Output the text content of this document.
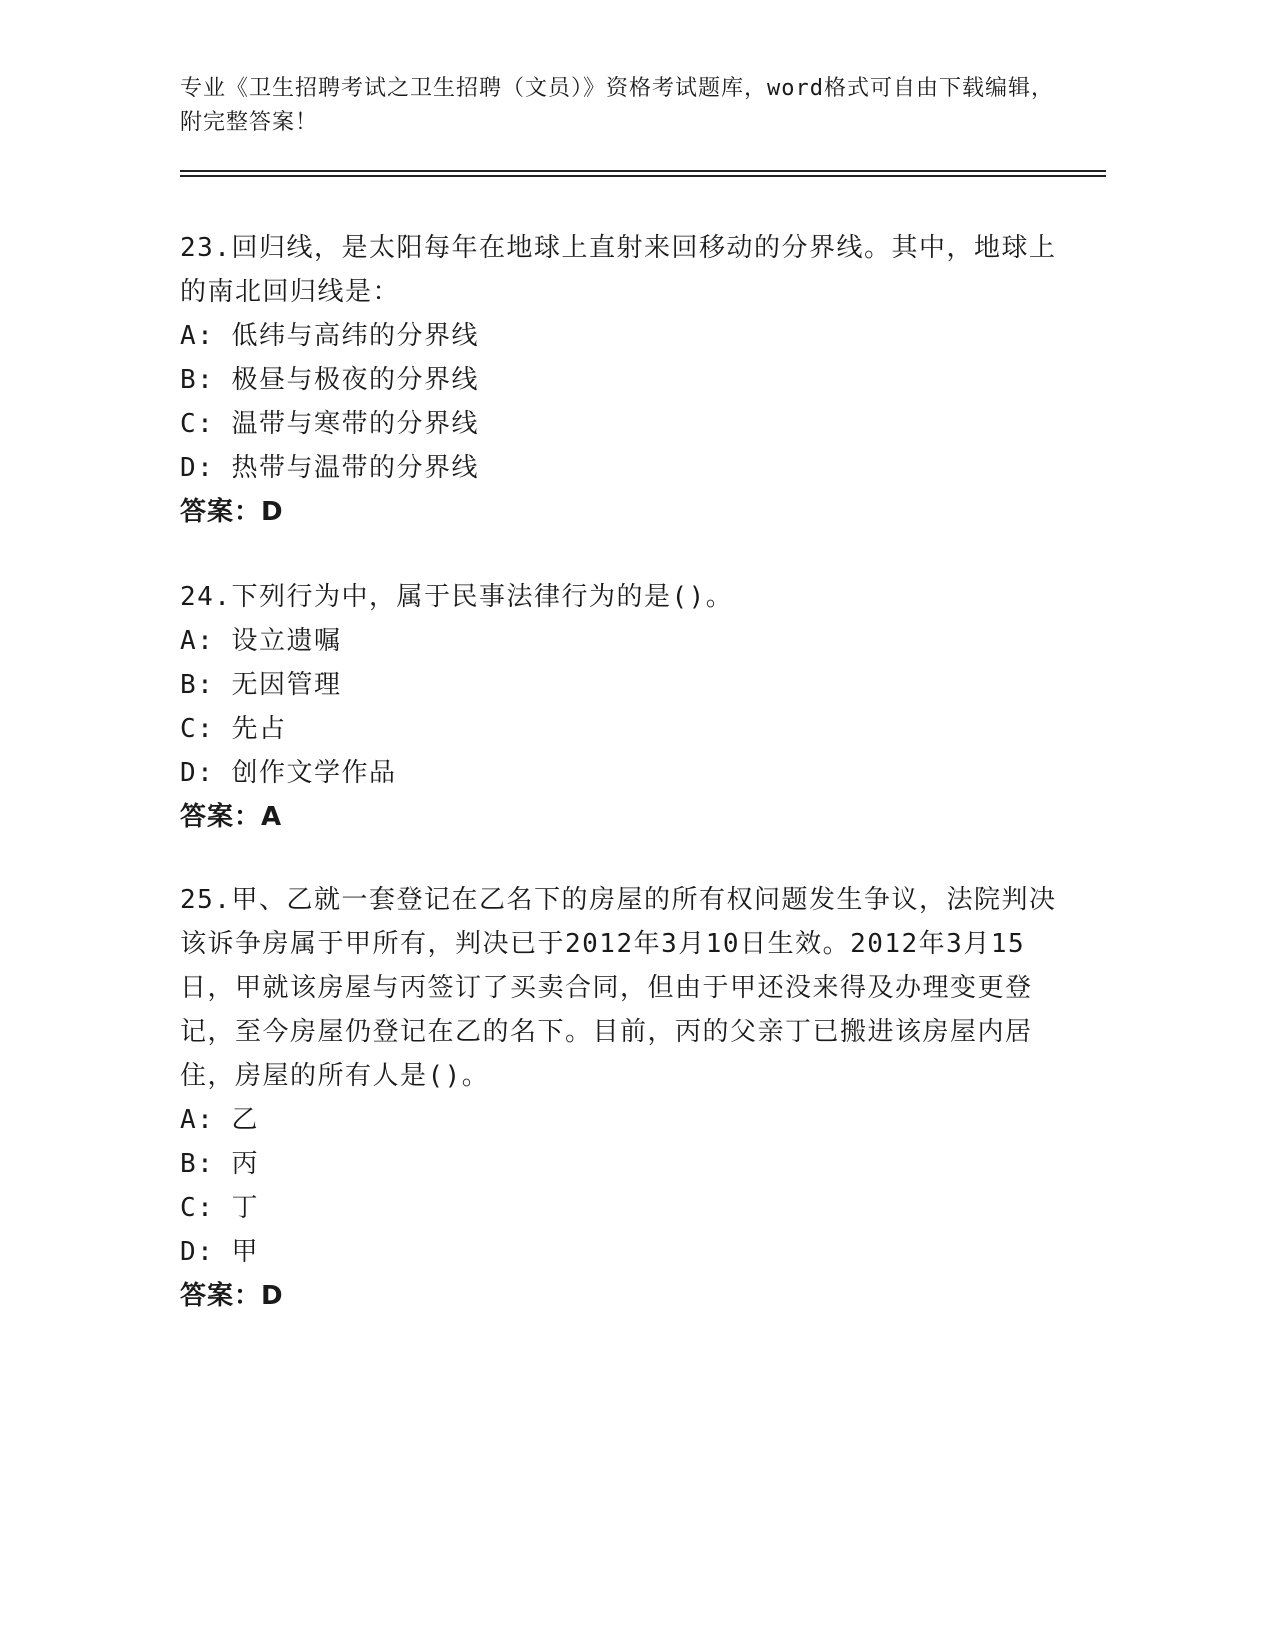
专业《卫生招聘考试之卫生招聘（文员）》资格考试题库，word格式可自由下载编辑，附完整答案！
23.回归线，是太阳每年在地球上直射来回移动的分界线。其中，地球上的南北回归线是：
A: 低纬与高纬的分界线
B: 极昼与极夜的分界线
C: 温带与寒带的分界线
D: 热带与温带的分界线
答案：D
24.下列行为中，属于民事法律行为的是()。
A: 设立遗嘱
B: 无因管理
C: 先占
D: 创作文学作品
答案：A
25.甲、乙就一套登记在乙名下的房屋的所有权问题发生争议，法院判决该诉争房属于甲所有，判决已于2012年3月10日生效。2012年3月15日，甲就该房屋与丙签订了买卖合同，但由于甲还没来得及办理变更登记，至今房屋仍登记在乙的名下。目前，丙的父亲丁已搬进该房屋内居住，房屋的所有人是()。
A: 乙
B: 丙
C: 丁
D: 甲
答案：D
